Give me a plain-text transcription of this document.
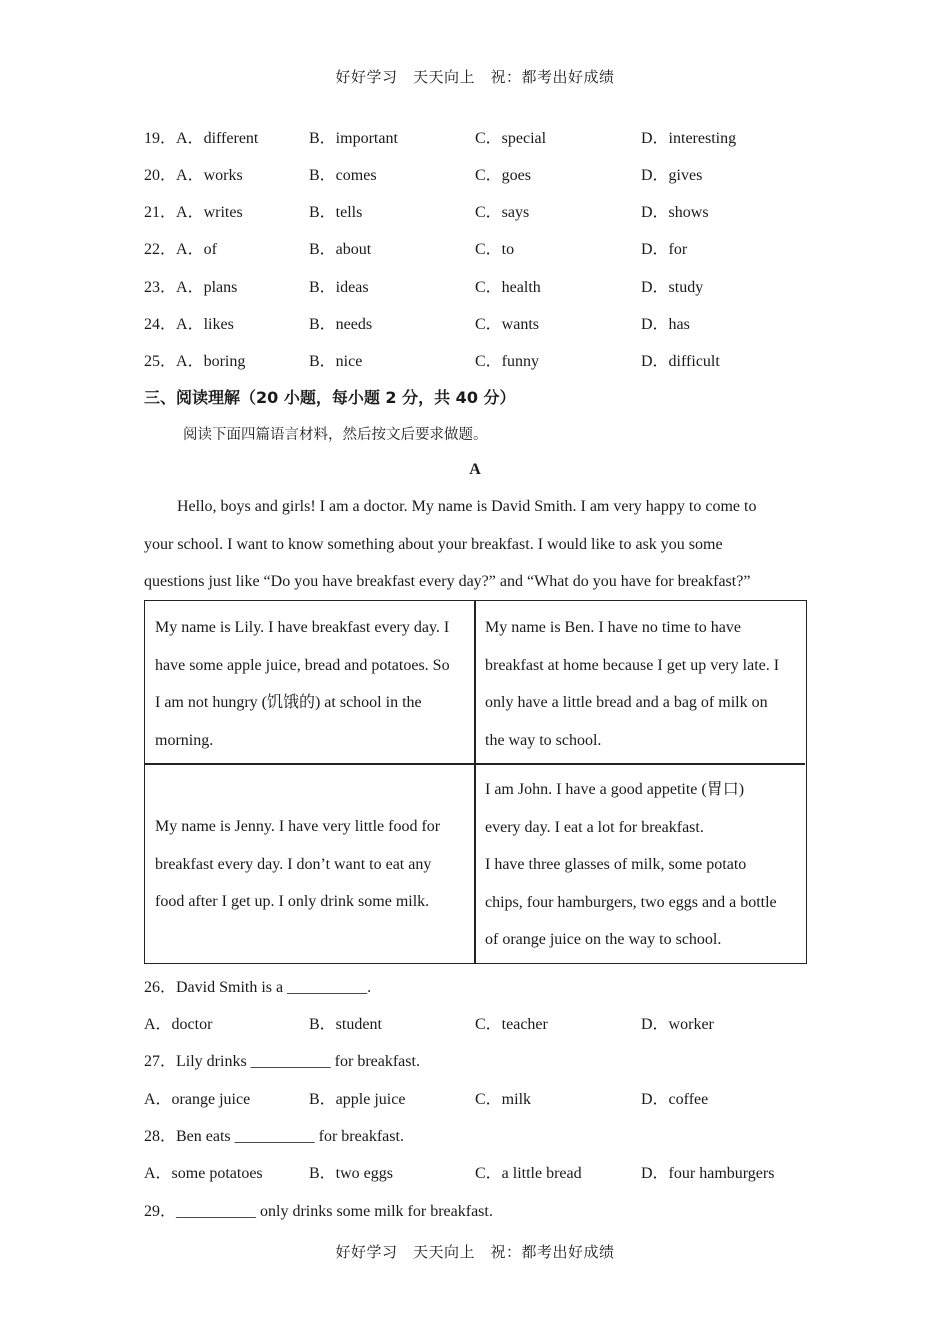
好好学习　天天向上　祝：都考出好成绩
19．A．different	B．important	C．special	D．interesting
20．A．works	B．comes	C．goes	D．gives
21．A．writes	B．tells	C．says	D．shows
22．A．of	B．about	C．to	D．for
23．A．plans	B．ideas	C．health	D．study
24．A．likes	B．needs	C．wants	D．has
25．A．boring	B．nice	C．funny	D．difficult
三、阅读理解（20 小题，每小题 2 分，共 40 分）
阅读下面四篇语言材料，然后按文后要求做题。
A
Hello, boys and girls! I am a doctor. My name is David Smith. I am very happy to come to
your school. I want to know something about your breakfast. I would like to ask you some
questions just like “Do you have breakfast every day?” and “What do you have for breakfast?”
My name is Lily. I have breakfast every day. I
have some apple juice, bread and potatoes. So
I am not hungry (饥饿的) at school in the
morning.
My name is Ben. I have no time to have
breakfast at home because I get up very late. I
only have a little bread and a bag of milk on
the way to school.
My name is Jenny. I have very little food for
breakfast every day. I don’t want to eat any
food after I get up. I only drink some milk.
I am John. I have a good appetite (胃口)
every day. I eat a lot for breakfast.
I have three glasses of milk, some potato
chips, four hamburgers, two eggs and a bottle
of orange juice on the way to school.
26．David Smith is a __________.
A．doctor	B．student	C．teacher	D．worker
27．Lily drinks __________ for breakfast.
A．orange juice	B．apple juice	C．milk	D．coffee
28．Ben eats __________ for breakfast.
A．some potatoes	B．two eggs	C．a little bread	D．four hamburgers
29．__________ only drinks some milk for breakfast.
好好学习　天天向上　祝：都考出好成绩
